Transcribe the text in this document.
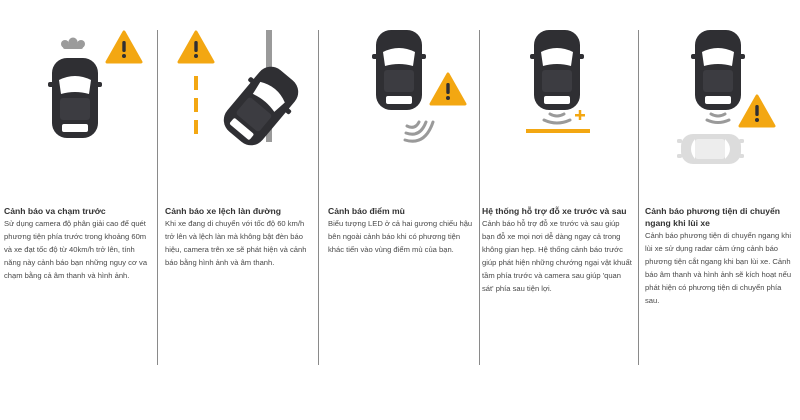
Cảnh báo va chạm trước
Sử dụng camera độ phân giải cao để quét phương tiện phía trước trong khoảng 60m và xe đạt tốc độ từ 40km/h trở lên, tính năng này cảnh báo bạn những nguy cơ va chạm bằng cả âm thanh và hình ảnh.
Cảnh báo xe lệch làn đường
Khi xe đang di chuyển với tốc độ 60 km/h trở lên và lệch làn mà không bật đèn báo hiệu, camera trên xe sẽ phát hiện và cảnh báo bằng hình ảnh và âm thanh.
Cảnh báo điểm mù
Biểu tượng LED ở cả hai gương chiếu hậu bên ngoài cảnh báo khi có phương tiện khác tiến vào vùng điểm mù của bạn.
Hệ thống hỗ trợ đỗ xe trước và sau
Cảnh báo hỗ trợ đỗ xe trước và sau giúp bạn đỗ xe mọi nơi dễ dàng ngay cả trong không gian hẹp. Hệ thống cảnh báo trước giúp phát hiện những chướng ngại vật khuất tầm phía trước và camera sau giúp 'quan sát' phía sau tiện lợi.
Cảnh báo phương tiện di chuyển ngang khi lùi xe
Cảnh báo phương tiện di chuyển ngang khi lùi xe sử dụng radar cảm ứng cảnh báo phương tiện cắt ngang khi bạn lùi xe. Cảnh báo âm thanh và hình ảnh sẽ kích hoạt nếu phát hiện có phương tiện di chuyển phía sau.
